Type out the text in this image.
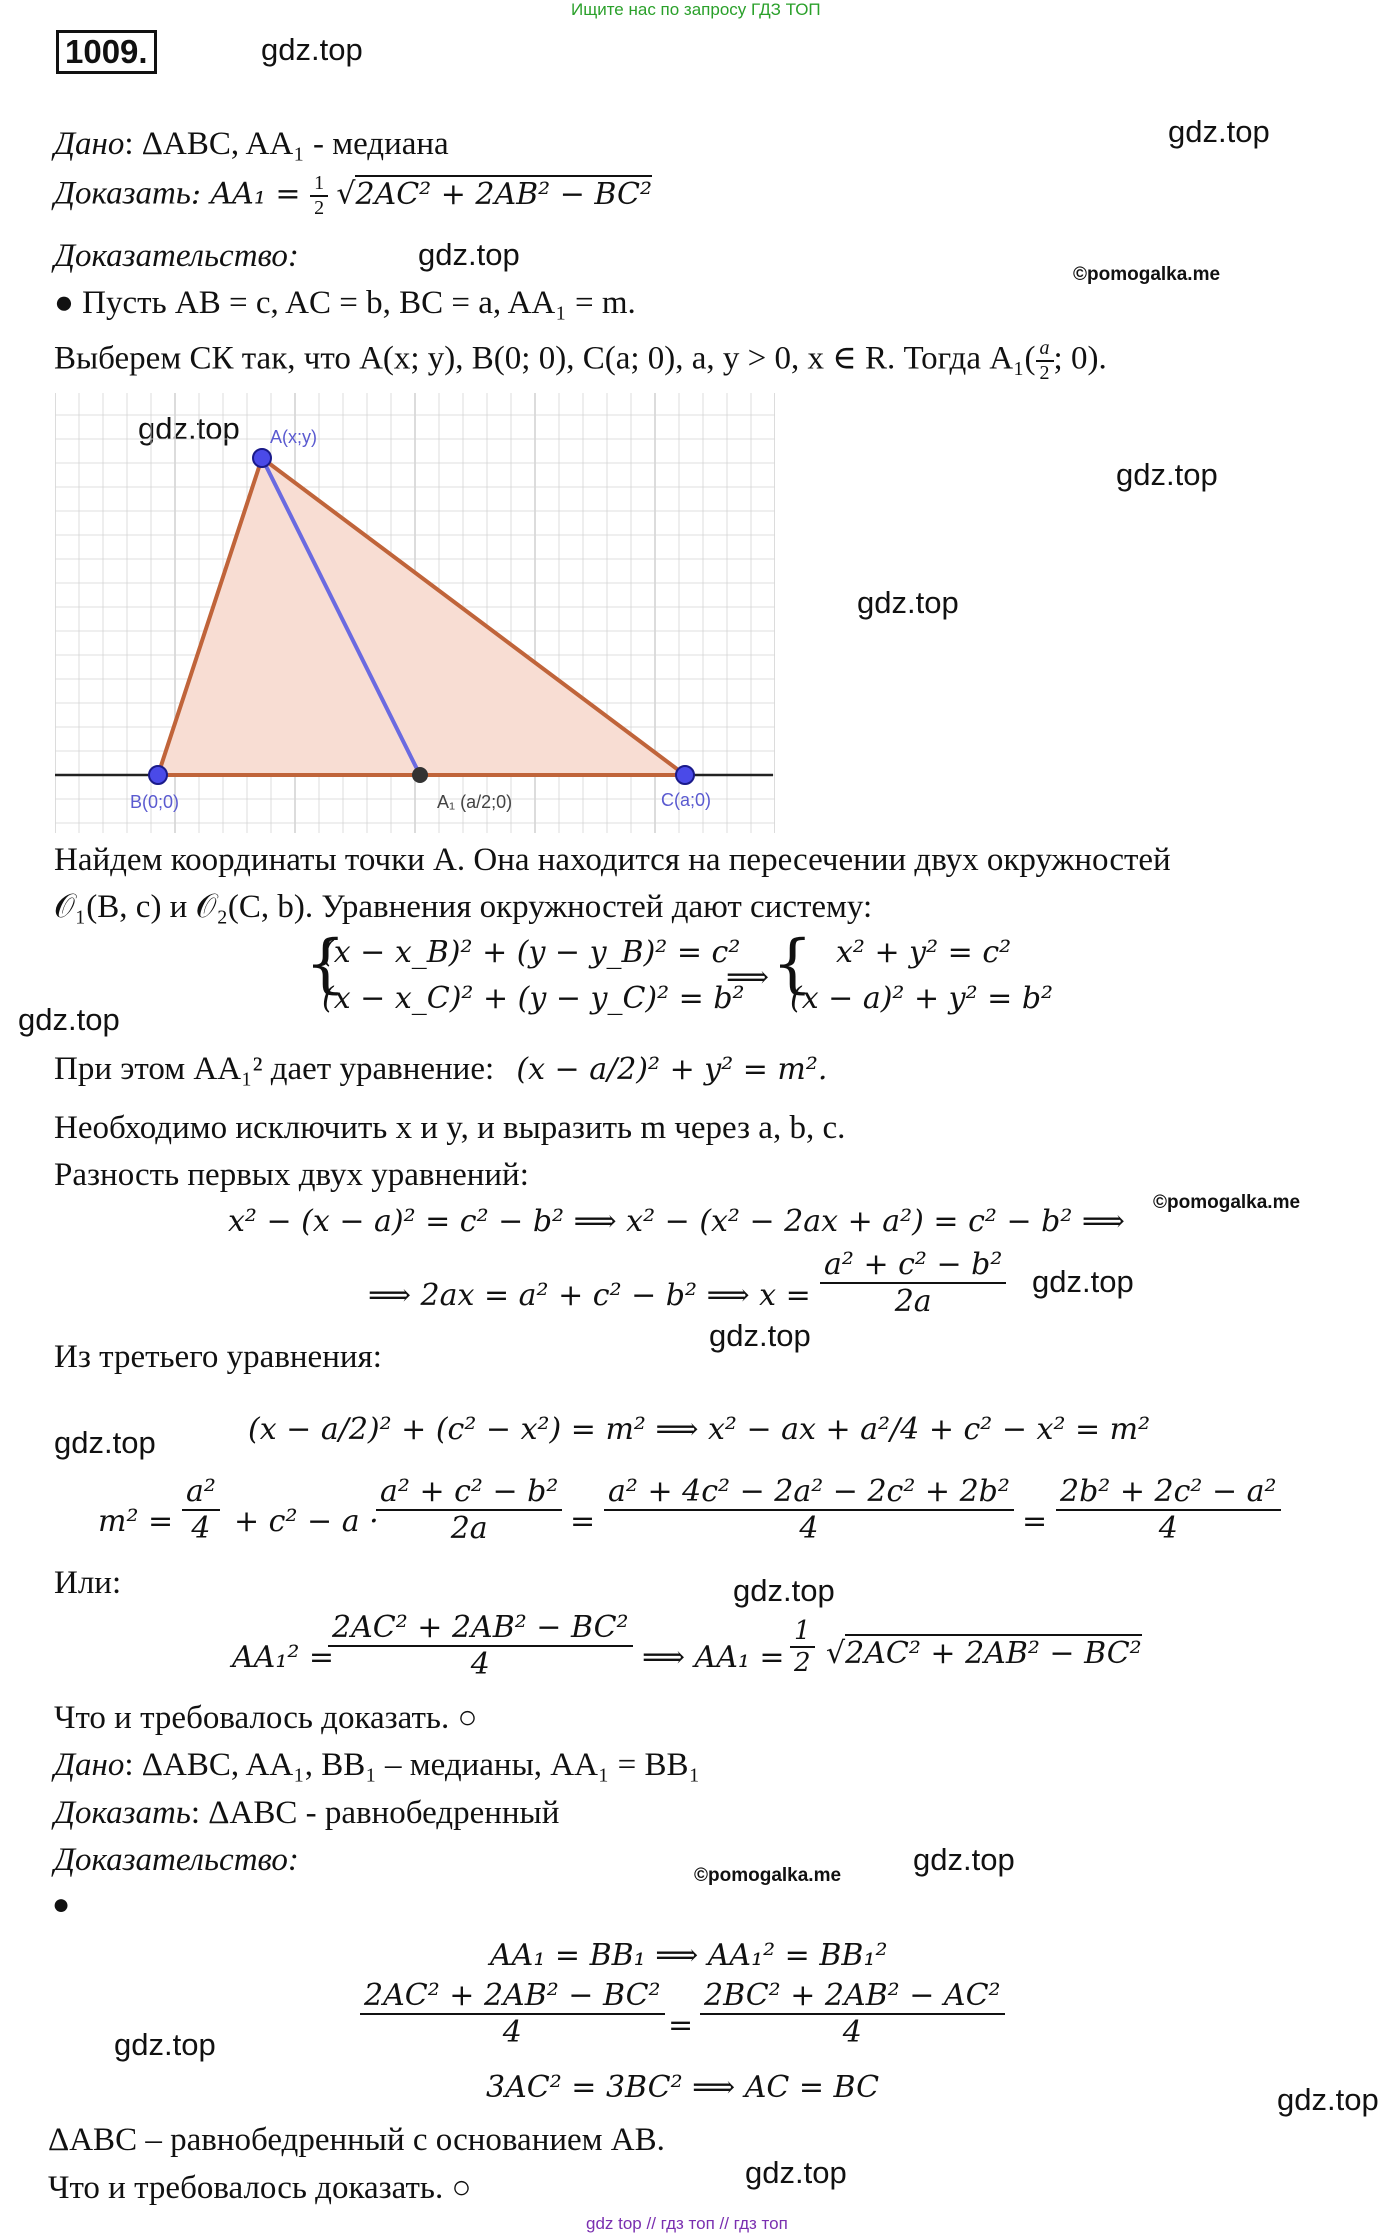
Ищите нас по запросу ГДЗ ТОП
1009.	gdz.top
gdz.top
gdz.top
©pomogalka.me
gdz.top
gdz.top
gdz.top
gdz.top
©pomogalka.me
gdz.top
gdz.top
gdz.top
gdz.top
gdz.top
©pomogalka.me
gdz.top
gdz.top
gdz.top
Дано: ΔABC, AA₁ - медиана
Доказать: $AA_1 = \frac{1}{2} √2AC^2 + 2AB^2 - BC^2$
Доказательство:
● Пусть AB = c, AC = b, BC = a, AA₁ = m.
Выберем СК так, что A(x; y), B(0; 0), C(a; 0), a, y > 0, x ∈ R. Тогда $A_1( \frac{a}{2}$ ; 0).
A(x;y)
B(0;0)	A₁ (a/2;0)	C(a;0)
Найдем координаты точки A. Она находится на пересечении двух окружностей
𝒪₁(B, c) и 𝒪₂(C, b). Уравнения окружностей дают систему:
{
(x − x_B)² + (y − y_B)² = c²
(x − x_C)² + (y − y_C)² = b²
⟹ { x² + y² = c²
(x − a)² + y² = b²
При этом AA₁² дает уравнение: (x − a/2)² + y² = m².
Необходимо исключить x и y, и выразить m через a, b, c.
Разность первых двух уравнений:
x² − (x − a)² = c² − b² ⟹ x² − (x² − 2ax + a²) = c² − b² ⟹
⟹ 2ax = a² + c² − b² ⟹ $x = \frac{\text{a² + c² − b²}}{2a}$
Из третьего уравнения:
(x − a/2)² + (c² − x²) = m² ⟹ x² − ax + a²/4 + c² − x² = m²
$m^2 = \frac{\text{a²}}{4} + c^2 - a$ ·
$\frac{\text{a² + c² − b²}}{2a} = \frac{\text{a² + 4c² − 2a² − 2c² + 2b²}}{4} = \frac{\text{2b² + 2c² − a²}}{4}$
Или:
AA₁² =
$\frac{\text{2AC² + 2AB² − BC²}}{4}$ ⟹ $AA_1 = \frac{1}{2} √2AC^2 + 2AB^2 - BC^2$
Что и требовалось доказать. ○
Дано: ΔABC, AA₁, BB₁ – медианы, AA₁ = BB₁
Доказать: ΔABC - равнобедренный
Доказательство:
●
AA₁ = BB₁ ⟹ AA₁² = BB₁²
$\frac{\text{2AC² + 2AB² − BC²}}{4} = \frac{\text{2BC² + 2AB² − AC²}}{4}$
3AC² = 3BC² ⟹ AC = BC
ΔABC – равнобедренный с основанием AB.
Что и требовалось доказать. ○
gdz top // гдз топ // гдз топ
